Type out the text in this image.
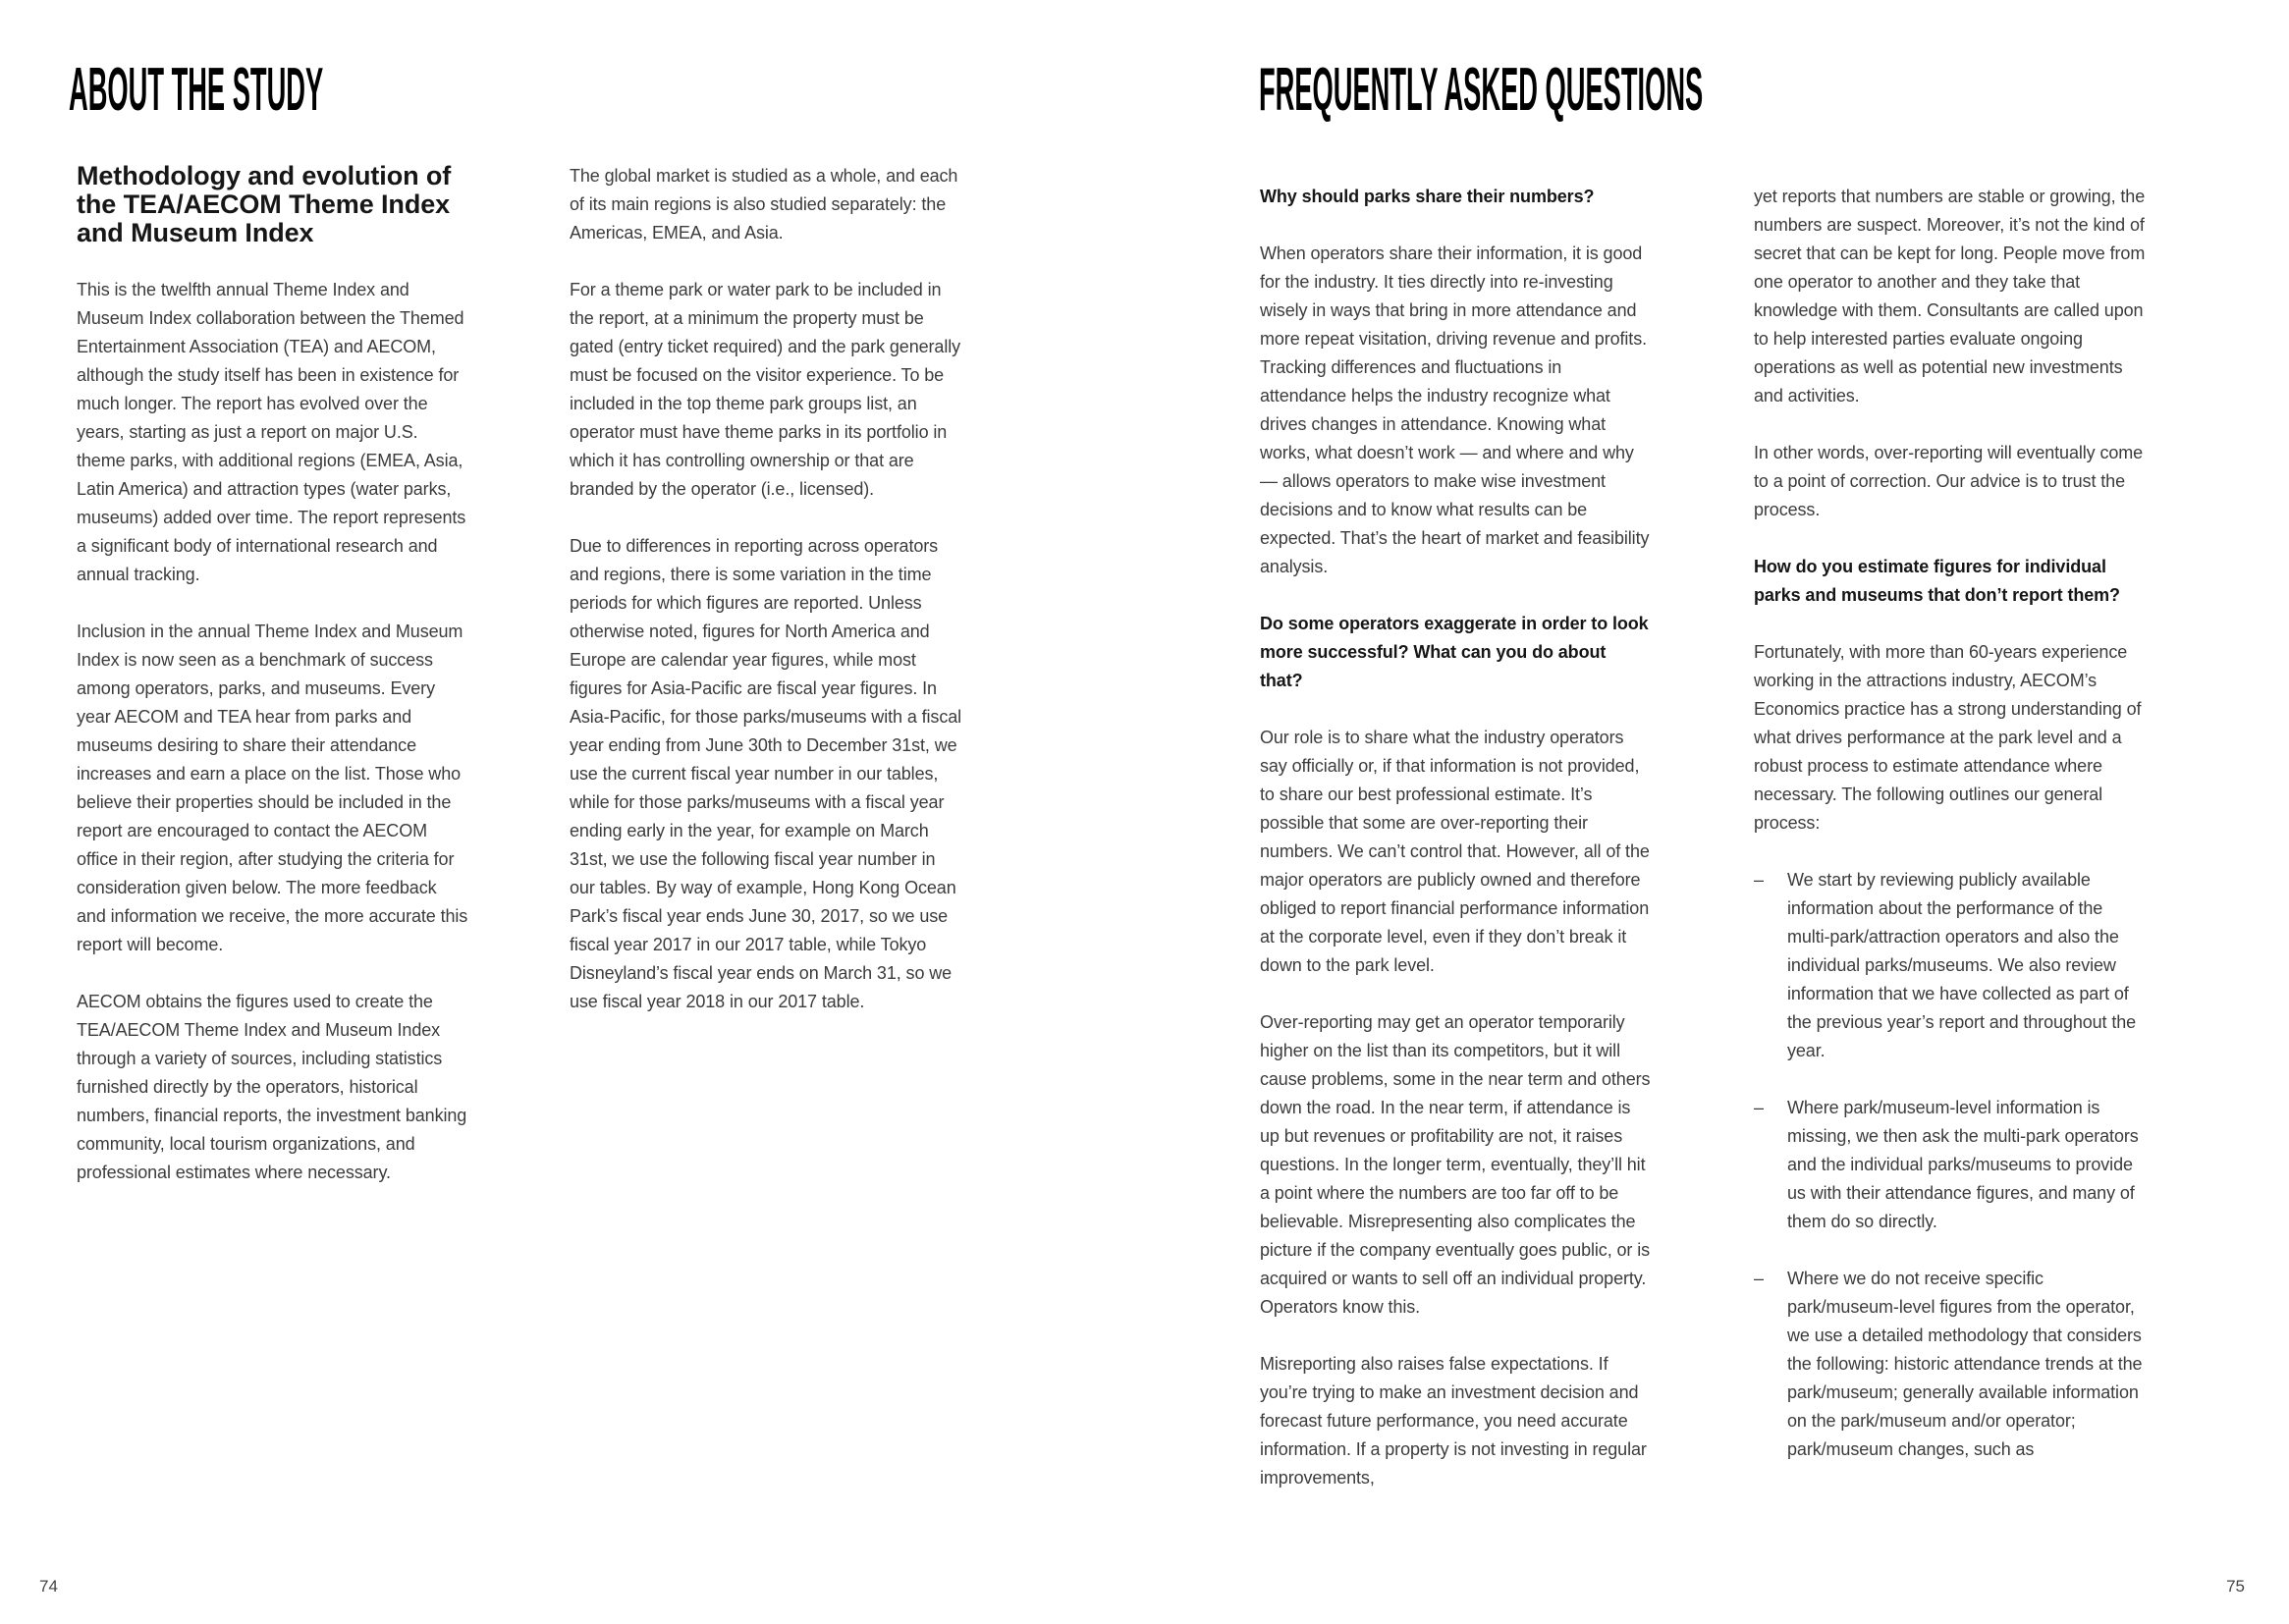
ABOUT THE STUDY
Methodology and evolution of the TEA/AECOM Theme Index and Museum Index

This is the twelfth annual Theme Index and Museum Index collaboration between the Themed Entertainment Association (TEA) and AECOM, although the study itself has been in existence for much longer. The report has evolved over the years, starting as just a report on major U.S. theme parks, with additional regions (EMEA, Asia, Latin America) and attraction types (water parks, museums) added over time. The report represents a significant body of international research and annual tracking.

Inclusion in the annual Theme Index and Museum Index is now seen as a benchmark of success among operators, parks, and museums. Every year AECOM and TEA hear from parks and museums desiring to share their attendance increases and earn a place on the list. Those who believe their properties should be included in the report are encouraged to contact the AECOM office in their region, after studying the criteria for consideration given below. The more feedback and information we receive, the more accurate this report will become.

AECOM obtains the figures used to create the TEA/AECOM Theme Index and Museum Index through a variety of sources, including statistics furnished directly by the operators, historical numbers, financial reports, the investment banking community, local tourism organizations, and professional estimates where necessary.

The global market is studied as a whole, and each of its main regions is also studied separately: the Americas, EMEA, and Asia.

For a theme park or water park to be included in the report, at a minimum the property must be gated (entry ticket required) and the park generally must be focused on the visitor experience. To be included in the top theme park groups list, an operator must have theme parks in its portfolio in which it has controlling ownership or that are branded by the operator (i.e., licensed).

Due to differences in reporting across operators and regions, there is some variation in the time periods for which figures are reported. Unless otherwise noted, figures for North America and Europe are calendar year figures, while most figures for Asia-Pacific are fiscal year figures. In Asia-Pacific, for those parks/museums with a fiscal year ending from June 30th to December 31st, we use the current fiscal year number in our tables, while for those parks/museums with a fiscal year ending early in the year, for example on March 31st, we use the following fiscal year number in our tables. By way of example, Hong Kong Ocean Park’s fiscal year ends June 30, 2017, so we use fiscal year 2017 in our 2017 table, while Tokyo Disneyland’s fiscal year ends on March 31, so we use fiscal year 2018 in our 2017 table.

74
FREQUENTLY ASKED QUESTIONS

Why should parks share their numbers?

When operators share their information, it is good for the industry. It ties directly into re-investing wisely in ways that bring in more attendance and more repeat visitation, driving revenue and profits. Tracking differences and fluctuations in attendance helps the industry recognize what drives changes in attendance. Knowing what works, what doesn’t work — and where and why — allows operators to make wise investment decisions and to know what results can be expected. That’s the heart of market and feasibility analysis.

Do some operators exaggerate in order to look more successful? What can you do about that?

Our role is to share what the industry operators say officially or, if that information is not provided, to share our best professional estimate. It’s possible that some are over-reporting their numbers. We can’t control that. However, all of the major operators are publicly owned and therefore obliged to report financial performance information at the corporate level, even if they don’t break it down to the park level.

Over-reporting may get an operator temporarily higher on the list than its competitors, but it will cause problems, some in the near term and others down the road. In the near term, if attendance is up but revenues or profitability are not, it raises questions. In the longer term, eventually, they’ll hit a point where the numbers are too far off to be believable. Misrepresenting also complicates the picture if the company eventually goes public, or is acquired or wants to sell off an individual property. Operators know this.

Misreporting also raises false expectations. If you’re trying to make an investment decision and forecast future performance, you need accurate information. If a property is not investing in regular improvements,

yet reports that numbers are stable or growing, the numbers are suspect. Moreover, it’s not the kind of secret that can be kept for long. People move from one operator to another and they take that knowledge with them. Consultants are called upon to help interested parties evaluate ongoing operations as well as potential new investments and activities.

In other words, over-reporting will eventually come to a point of correction. Our advice is to trust the process.

How do you estimate figures for individual parks and museums that don’t report them?

Fortunately, with more than 60-years experience working in the attractions industry, AECOM’s Economics practice has a strong understanding of what drives performance at the park level and a robust process to estimate attendance where necessary. The following outlines our general process:

–	We start by reviewing publicly available information about the performance of the multi-park/attraction operators and also the individual parks/museums. We also review information that we have collected as part of the previous year’s report and throughout the year.
–	Where park/museum-level information is missing, we then ask the multi-park operators and the individual parks/museums to provide us with their attendance figures, and many of them do so directly.
–	Where we do not receive specific park/museum-level figures from the operator, we use a detailed methodology that considers the following: historic attendance trends at the park/museum; generally available information on the park/museum and/or operator; park/museum changes, such as
75
